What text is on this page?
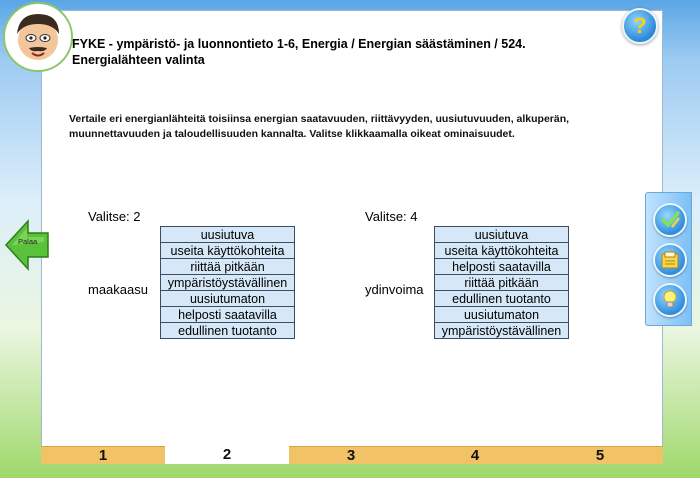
?
FYKE - ympäristö- ja luonnontieto 1-6, Energia / Energian säästäminen / 524.
Energialähteen valinta
Vertaile eri energianlähteitä toisiinsa energian saatavuuden, riittävyyden, uusiutuvuuden, alkuperän, muunnettavuuden ja taloudellisuuden kannalta. Valitse klikkaamalla oikeat ominaisuudet.
Valitse: 2
maakaasu
uusiutuva
useita käyttökohteita
riittää pitkään
ympäristöystävällinen
uusiutumaton
helposti saatavilla
edullinen tuotanto
Valitse: 4
ydinvoima
uusiutuva
useita käyttökohteita
helposti saatavilla
riittää pitkään
edullinen tuotanto
uusiutumaton
ympäristöystävällinen
Palaa
1	2	3	4	5
